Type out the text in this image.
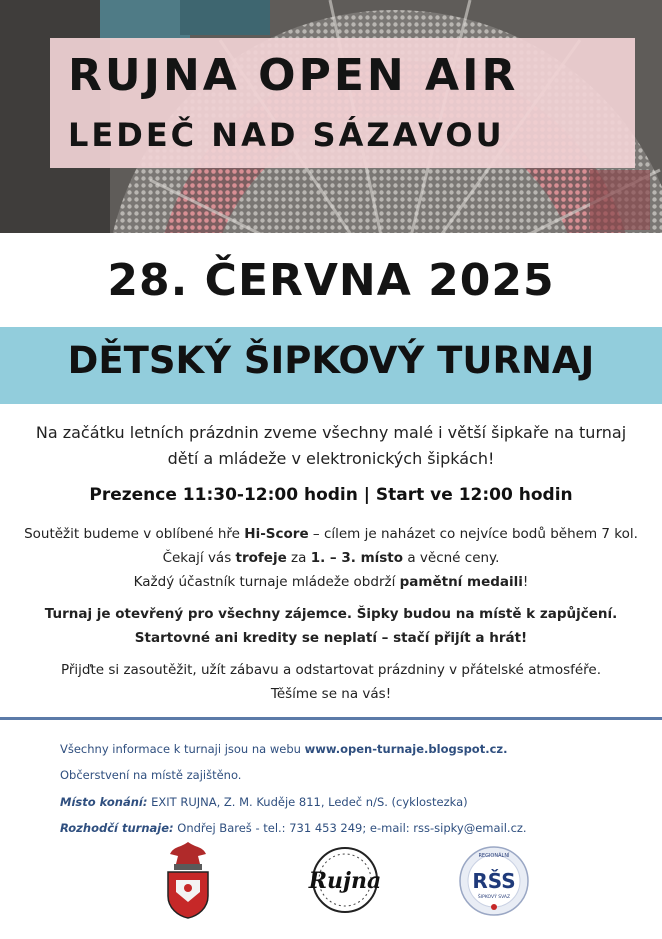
RUJNA OPEN AIR
LEDEČ NAD SÁZAVOU
28. ČERVNA 2025
DĚTSKÝ ŠIPKOVÝ TURNAJ
Na začátku letních prázdnin zveme všechny malé i větší šipkaře na turnaj
dětí a mládeže v elektronických šipkách!
Prezence 11:30-12:00 hodin | Start ve 12:00 hodin
Soutěžit budeme v oblíbené hře Hi-Score – cílem je naházet co nejvíce bodů během 7 kol.
Čekají vás trofeje za 1. – 3. místo a věcné ceny.
Každý účastník turnaje mládeže obdrží pamětní medaili!
Turnaj je otevřený pro všechny zájemce. Šipky budou na místě k zapůjčení.
Startovné ani kredity se neplatí – stačí přijít a hrát!
Přijďte si zasoutěžit, užít zábavu a odstartovat prázdniny v přátelské atmosféře.
Těšíme se na vás!
Všechny informace k turnaji jsou na webu www.open-turnaje.blogspot.cz.
Občerstvení na místě zajištěno.
Místo konání: EXIT RUJNA, Z. M. Kuděje 811, Ledeč n/S. (cyklostezka)
Rozhodčí turnaje: Ondřej Bareš - tel.: 731 453 249; e-mail: rss-sipky@email.cz.
Rujna
REGIONÁLNÍ
RŠS
ŠIPKOVÝ SVAZ
